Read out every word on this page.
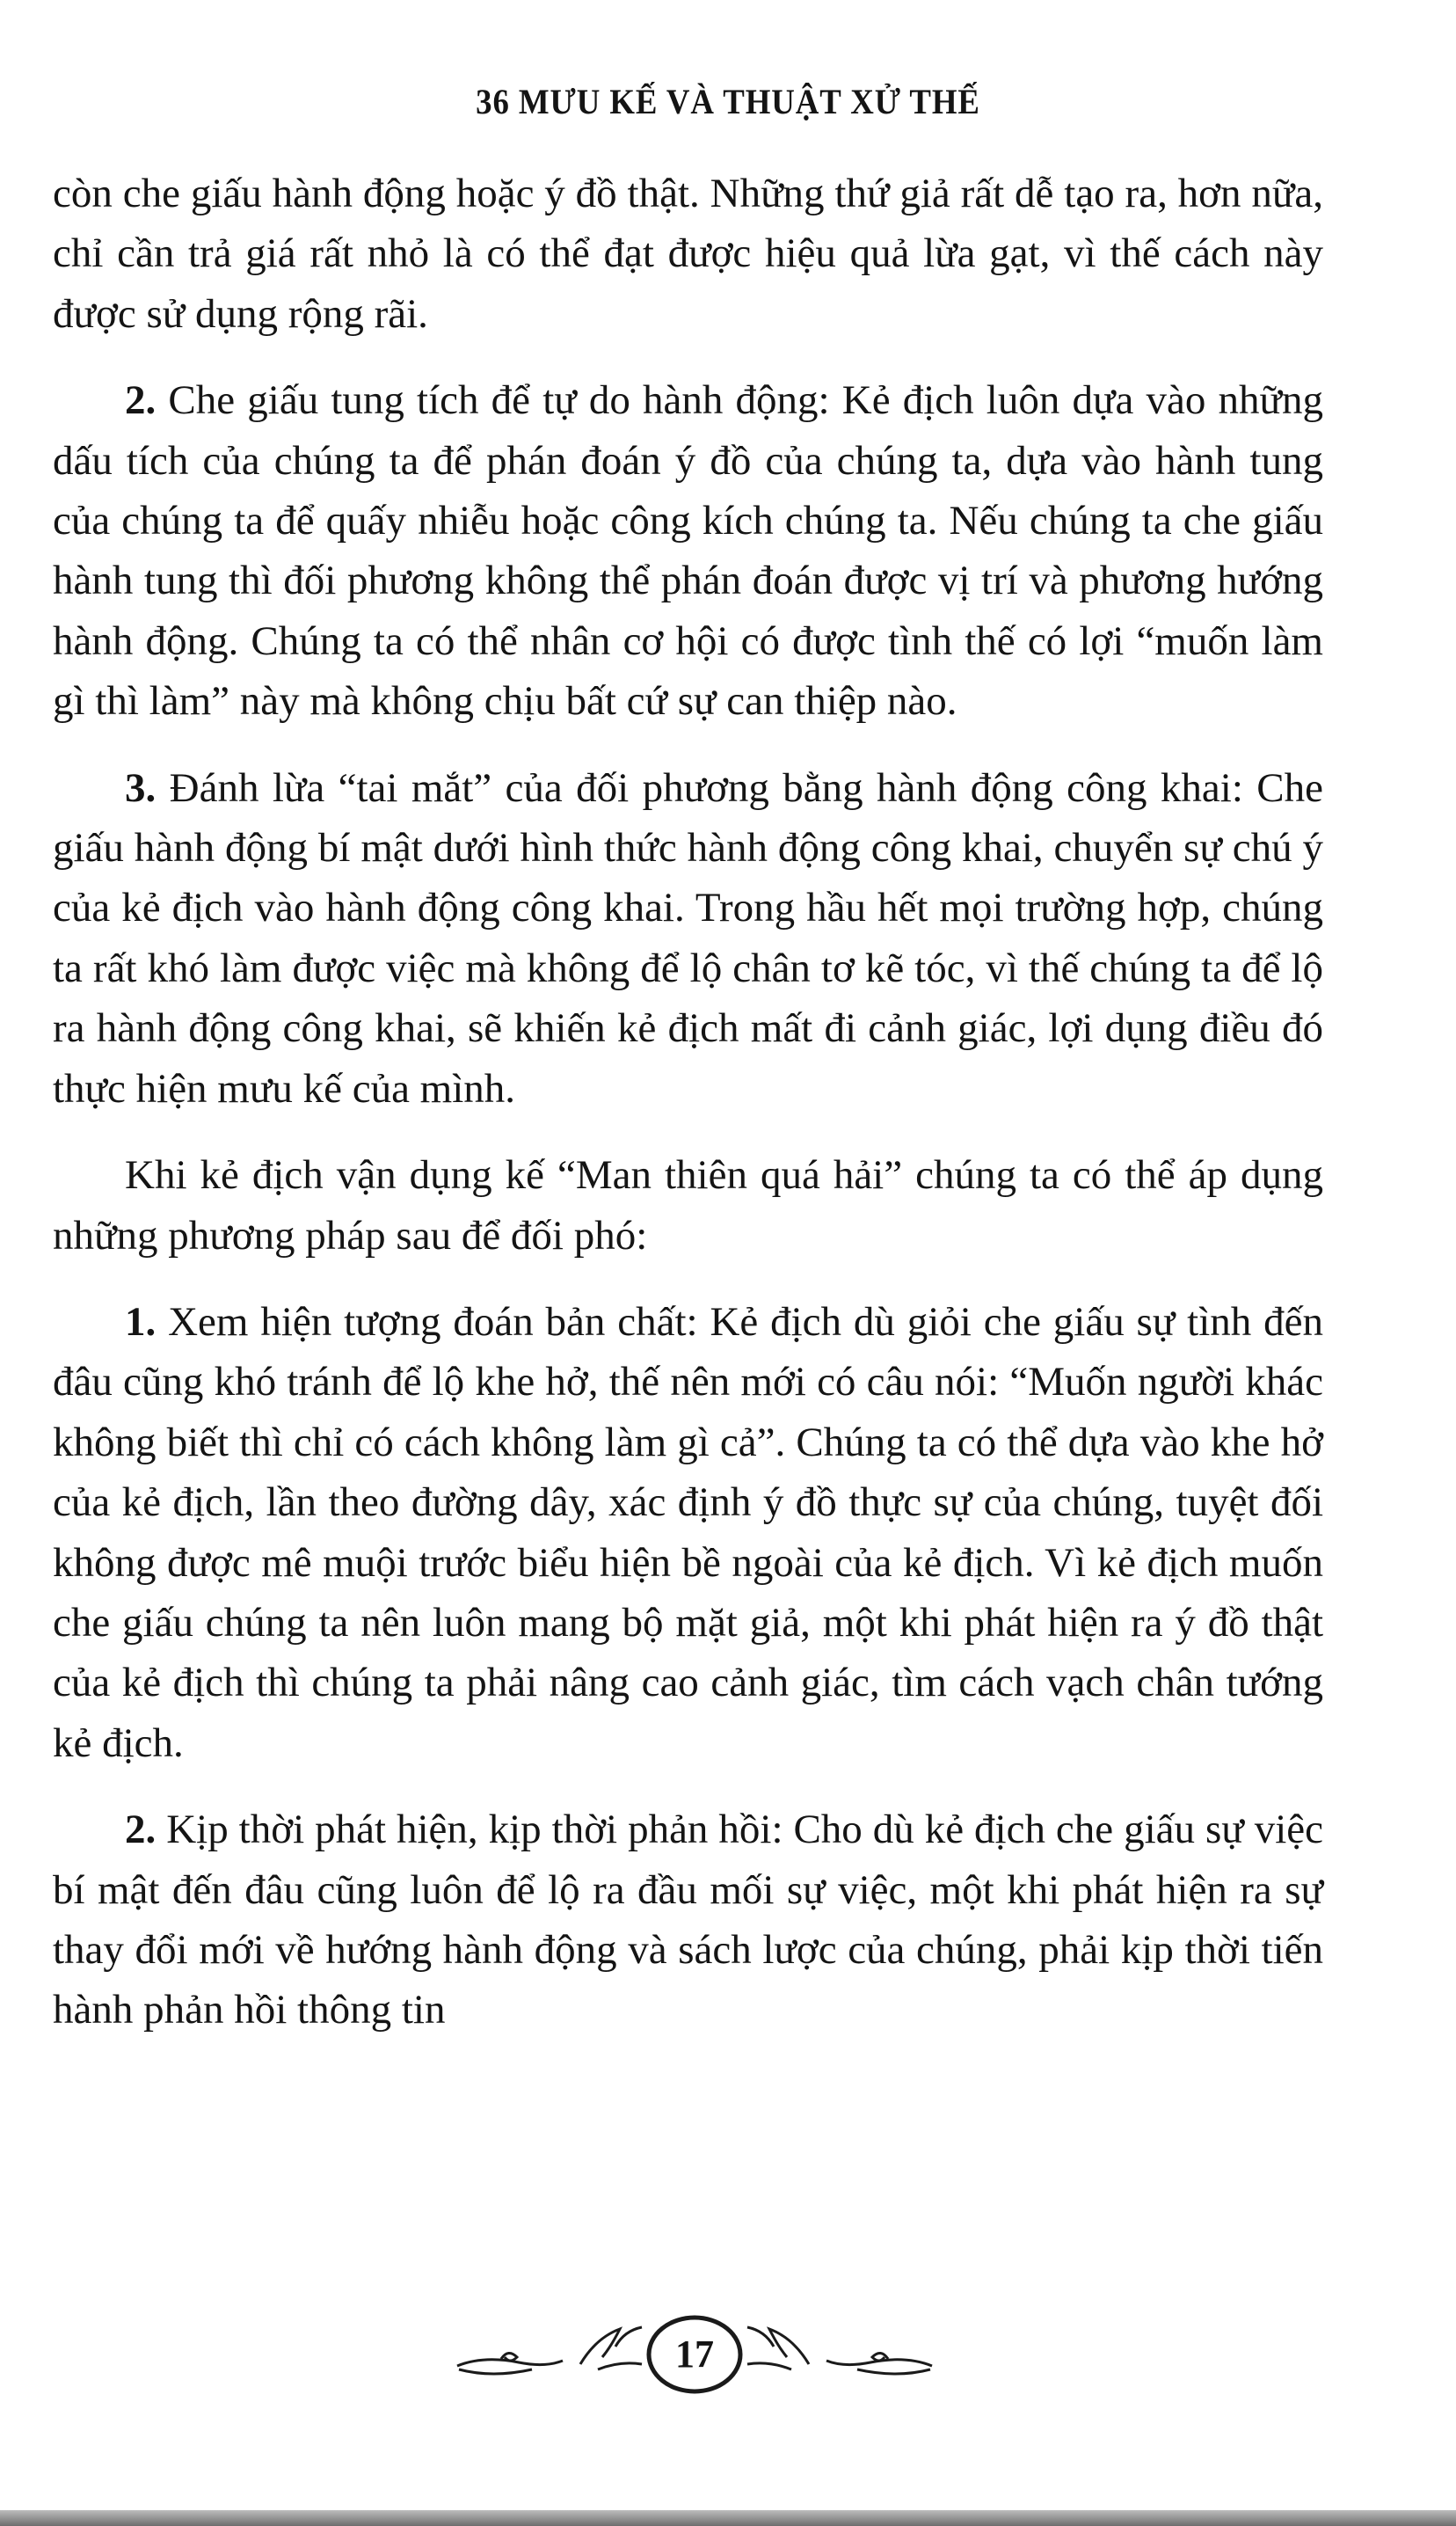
36 MƯU KẾ VÀ THUẬT XỬ THẾ

còn che giấu hành động hoặc ý đồ thật. Những thứ giả rất dễ tạo ra, hơn nữa, chỉ cần trả giá rất nhỏ là có thể đạt được hiệu quả lừa gạt, vì thế cách này được sử dụng rộng rãi.

2. Che giấu tung tích để tự do hành động: Kẻ địch luôn dựa vào những dấu tích của chúng ta để phán đoán ý đồ của chúng ta, dựa vào hành tung của chúng ta để quấy nhiễu hoặc công kích chúng ta. Nếu chúng ta che giấu hành tung thì đối phương không thể phán đoán được vị trí và phương hướng hành động. Chúng ta có thể nhân cơ hội có được tình thế có lợi “muốn làm gì thì làm” này mà không chịu bất cứ sự can thiệp nào.

3. Đánh lừa “tai mắt” của đối phương bằng hành động công khai: Che giấu hành động bí mật dưới hình thức hành động công khai, chuyển sự chú ý của kẻ địch vào hành động công khai. Trong hầu hết mọi trường hợp, chúng ta rất khó làm được việc mà không để lộ chân tơ kẽ tóc, vì thế chúng ta để lộ ra hành động công khai, sẽ khiến kẻ địch mất đi cảnh giác, lợi dụng điều đó thực hiện mưu kế của mình.

Khi kẻ địch vận dụng kế “Man thiên quá hải” chúng ta có thể áp dụng những phương pháp sau để đối phó:

1. Xem hiện tượng đoán bản chất: Kẻ địch dù giỏi che giấu sự tình đến đâu cũng khó tránh để lộ khe hở, thế nên mới có câu nói: “Muốn người khác không biết thì chỉ có cách không làm gì cả”. Chúng ta có thể dựa vào khe hở của kẻ địch, lần theo đường dây, xác định ý đồ thực sự của chúng, tuyệt đối không được mê muội trước biểu hiện bề ngoài của kẻ địch. Vì kẻ địch muốn che giấu chúng ta nên luôn mang bộ mặt giả, một khi phát hiện ra ý đồ thật của kẻ địch thì chúng ta phải nâng cao cảnh giác, tìm cách vạch chân tướng kẻ địch.

2. Kịp thời phát hiện, kịp thời phản hồi: Cho dù kẻ địch che giấu sự việc bí mật đến đâu cũng luôn để lộ ra đầu mối sự việc, một khi phát hiện ra sự thay đổi mới về hướng hành động và sách lược của chúng, phải kịp thời tiến hành phản hồi thông tin

17
